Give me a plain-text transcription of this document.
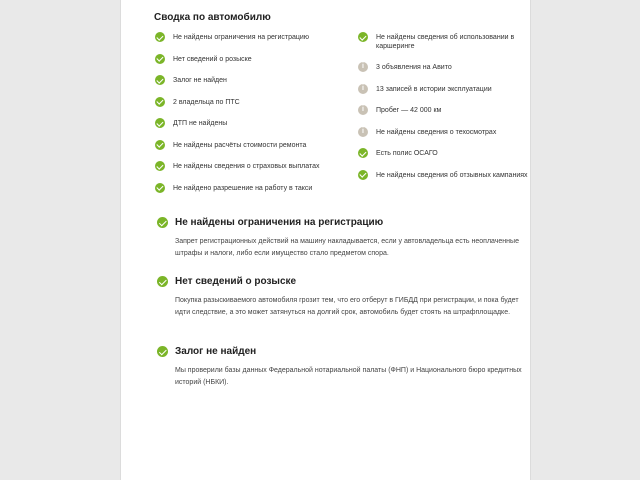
Сводка по автомобилю
Не найдены ограничения на регистрацию
Нет сведений о розыске
Залог не найден
2 владельца по ПТС
ДТП не найдены
Не найдены расчёты стоимости ремонта
Не найдены сведения о страховых выплатах
Не найдено разрешение на работу в такси
Не найдены сведения об использовании в каршеринге
i
3 объявления на Авито
i
13 записей в истории эксплуатации
i
Пробег — 42 000 км
i
Не найдены сведения о техосмотрах
Есть полис ОСАГО
Не найдены сведения об отзывных кампаниях
Не найдены ограничения на регистрацию
Запрет регистрационных действий на машину накладывается, если у автовладельца есть неоплаченные штрафы и налоги, либо если имущество стало предметом спора.
Нет сведений о розыске
Покупка разыскиваемого автомобиля грозит тем, что его отберут в ГИБДД при регистрации, и пока будет идти следствие, а это может затянуться на долгий срок, автомобиль будет стоять на штрафплощадке.
Залог не найден
Мы проверили базы данных Федеральной нотариальной палаты (ФНП) и Национального бюро кредитных историй (НБКИ).
